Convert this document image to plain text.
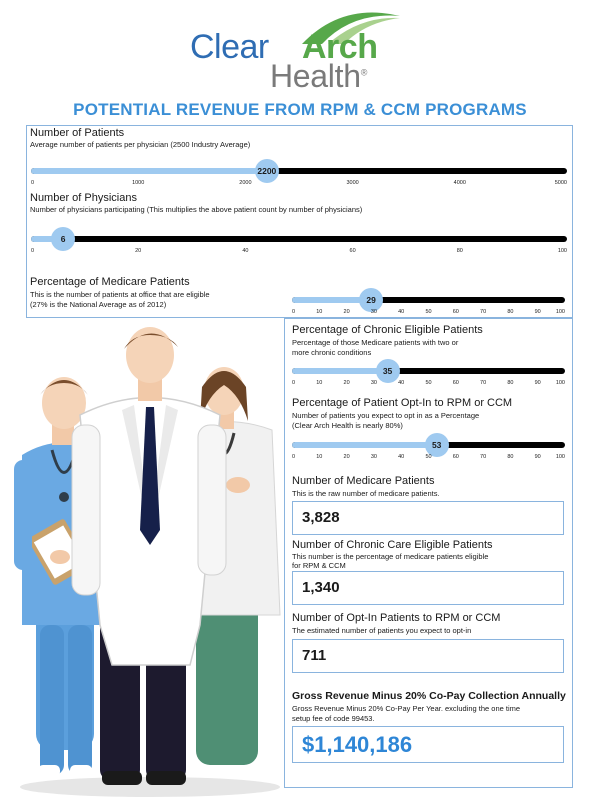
Clear Arch
Health®
POTENTIAL REVENUE FROM RPM & CCM PROGRAMS
Number of Patients
Average number of patients per physician (2500 Industry Average)
2200
0	1000	2000	3000	4000	5000
Number of Physicians
Number of physicians participating (This multiplies the above patient count by number of physicians)
6
0	20	40	60	80	100
Percentage of Medicare Patients
This is the number of patients at office that are eligible
(27% is the National Average as of 2012)	29
0	10	20	30	40	50	60	70	80	90	100
Percentage of Chronic Eligible Patients
Percentage of those Medicare patients with two or
more chronic conditions
35
0	10	20	30	40	50	60	70	80	90	100
Percentage of Patient Opt-In to RPM or CCM
Number of patients you expect to opt in as a Percentage
(Clear Arch Health is nearly 80%)
53
0	10	20	30	40	50	60	70	80	90	100
Number of Medicare Patients
This is the raw number of medicare patients.
3,828
Number of Chronic Care Eligible Patients
This number is the percentage of medicare patients eligible
for RPM & CCM
1,340
Number of Opt-In Patients to RPM or CCM
The estimated number of patients you expect to opt-in
711
Gross Revenue Minus 20% Co-Pay Collection Annually
Gross Revenue Minus 20% Co-Pay Per Year. excluding the one time
setup fee of code 99453.
$1,140,186
